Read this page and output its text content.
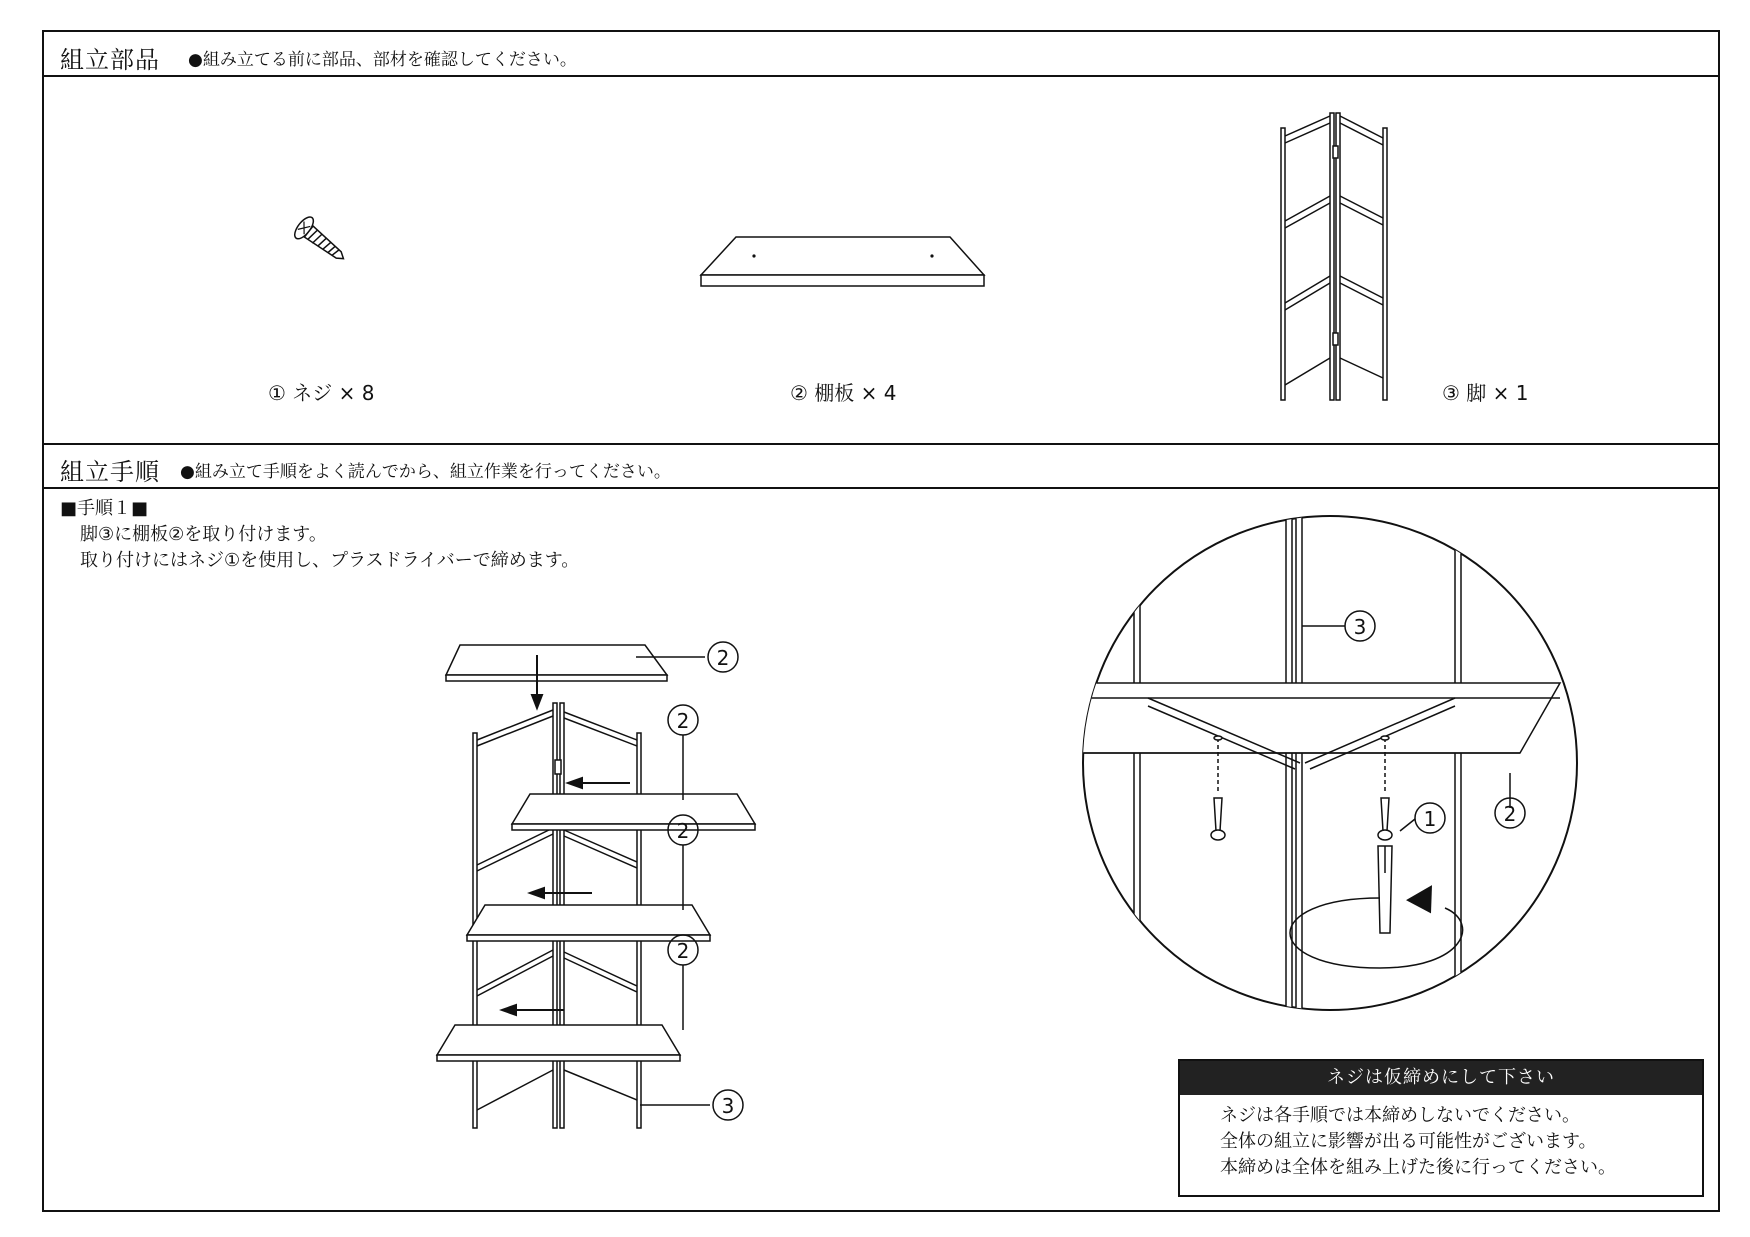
組立部品 ●組み立てる前に部品、部材を確認してください。
① ネジ × 8	② 棚板 × 4	③ 脚 × 1
組立手順 ●組み立て手順をよく読んでから、組立作業を行ってください。
■手順１■
脚③に棚板②を取り付けます。
取り付けにはネジ①を使用し、プラスドライバーで締めます。
2
2
2
2
3
3
1	2
ネジは仮締めにして下さい
ネジは各手順では本締めしないでください。
全体の組立に影響が出る可能性がございます。
本締めは全体を組み上げた後に行ってください。
